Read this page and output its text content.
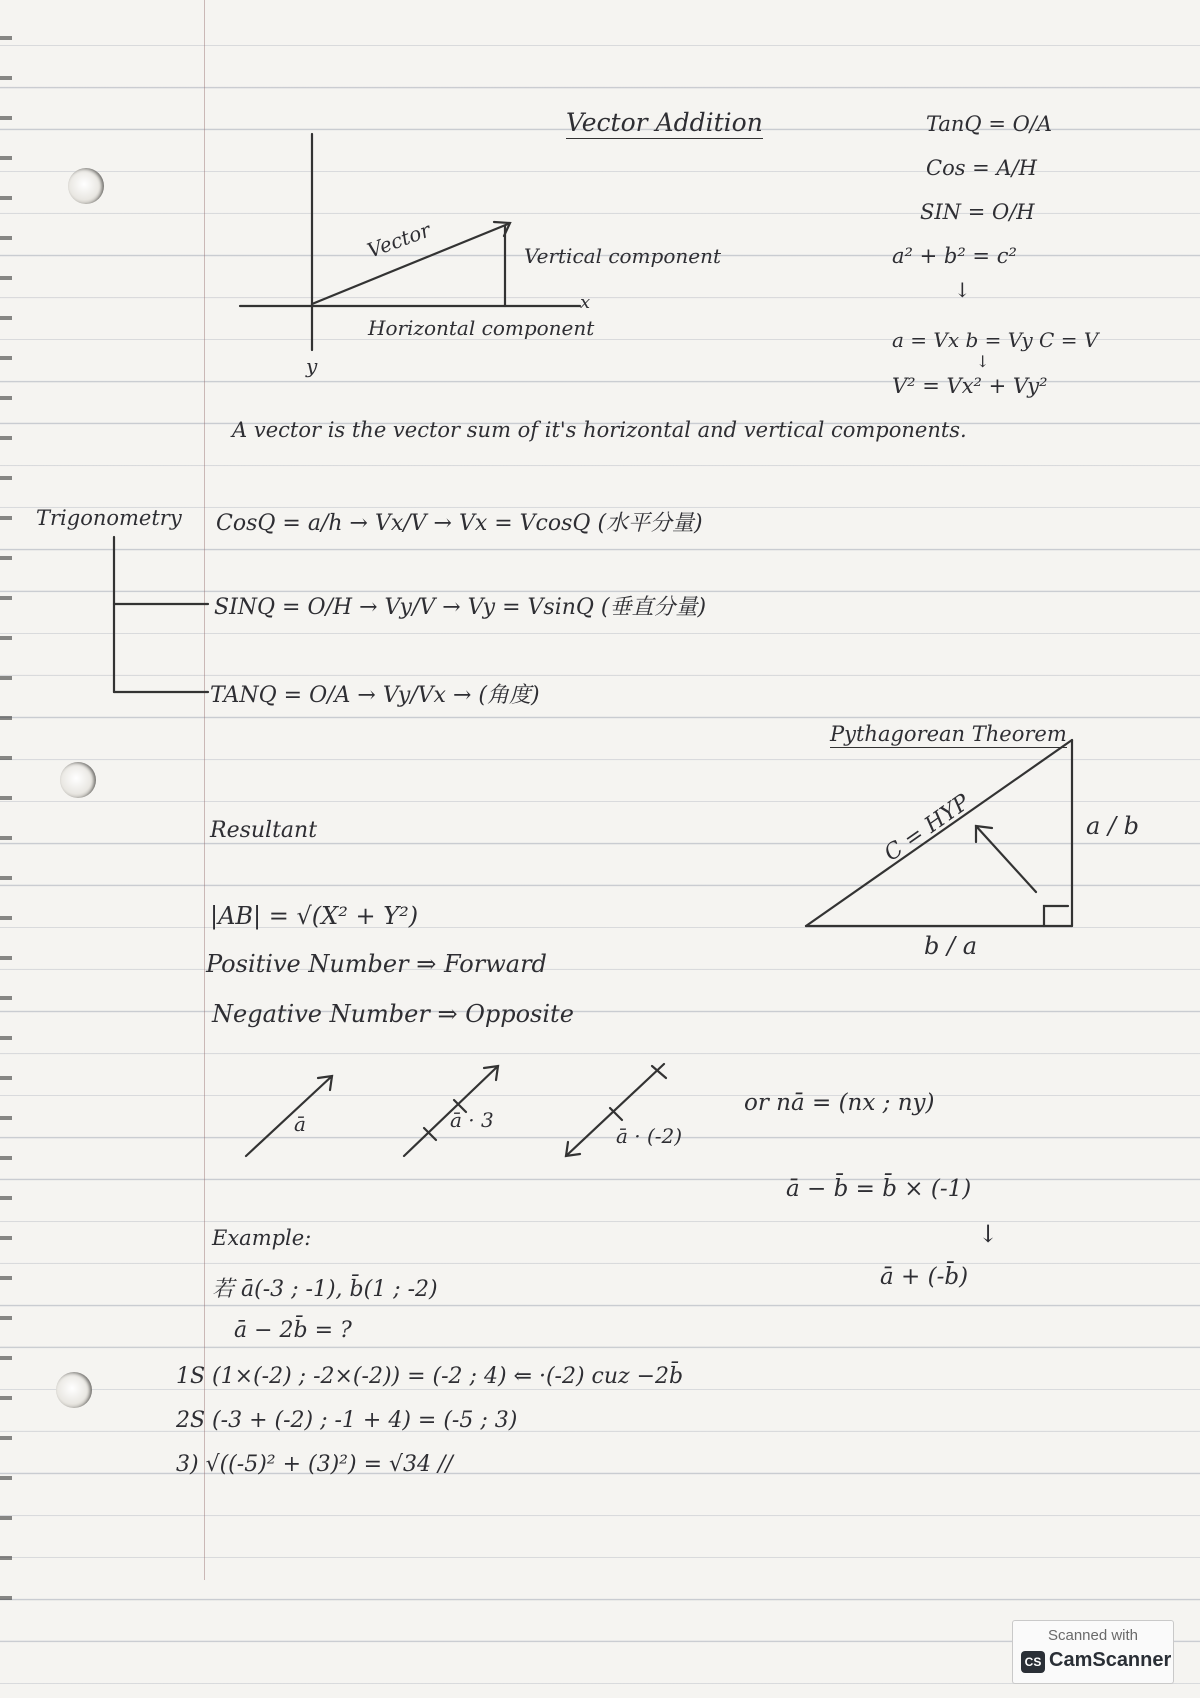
Vector Addition
Vector	Vertical component
Horizontal component
x
y
TanQ = O/A
Cos = A/H
SIN = O/H
a² + b² = c²
↓
a = Vx b = Vy C = V
↓
V² = Vx² + Vy²
A vector is the vector sum of it's horizontal and vertical components.
Trigonometry CosQ = a/h → Vx/V → Vx = VcosQ (水平分量)
SINQ = O/H → Vy/V → Vy = VsinQ (垂直分量)
TANQ = O/A → Vy/Vx → (角度)
Pythagorean Theorem
C = HYP	a / b
b / a
Resultant
|AB| = √(X² + Y²)
Positive Number ⇒ Forward
Negative Number ⇒ Opposite
ā	ā · 3
ā · (-2)
or nā = (nx ; ny)
ā − b̄ = b̄ × (-1)
↓
ā + (-b̄)
Example:
若 ā(-3 ; -1), b̄(1 ; -2)
ā − 2b̄ = ?
1S (1×(-2) ; -2×(-2)) = (-2 ; 4) ⇐ ·(-2) cuz −2b̄
2S (-3 + (-2) ; -1 + 4) = (-5 ; 3)
3) √((-5)² + (3)²) = √34 //
Scanned with
CS CamScanner
